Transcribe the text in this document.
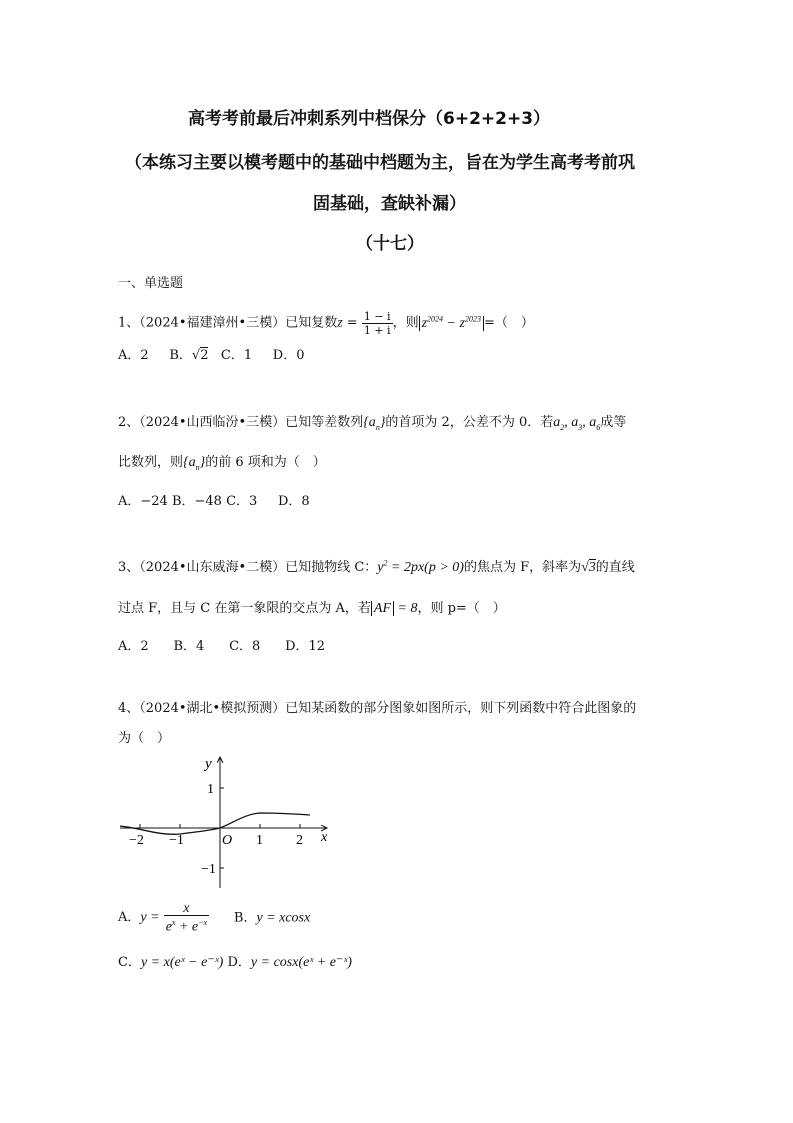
高考考前最后冲刺系列中档保分（6+2+2+3）
（本练习主要以模考题中的基础中档题为主，旨在为学生高考考前巩
固基础，查缺补漏）
（十七）
一、单选题
1、（2024•福建漳州•三模）已知复数$z = \frac{1 - i}{1 + i}$ ，则 $z^{2024} - z^{2023}$ =（　）
A．2 B．√2 C．1 D．0
2、（2024•山西临汾•三模）已知等差数列$\{a_n\}$的首项为 2，公差不为 0．若$a_2$, $a_3$, $a_6$成等
比数列，则$\{a_n\}$的前 6 项和为（　）
A．−24 B．−48 C．3 D．8
3、（2024•山东威海•二模）已知抛物线 C：$y^2 = 2px(p > 0)$的焦点为 F，斜率为√3的直线
过点 F，且与 C 在第一象限的交点为 A，若 AF = 8，则 p=（　）
A．2 B．4 C．8 D．12
4、（2024•湖北•模拟预测）已知某函数的部分图象如图所示，则下列函数中符合此图象的
为（　）
y
x
O
−2 −1	1 2
1
−1
A．$y = \frac{x}{e^x + e^{-x}}$ B．y = xcosx
C．y = x(eˣ − e⁻ˣ) D．y = cosx(eˣ + e⁻ˣ)
